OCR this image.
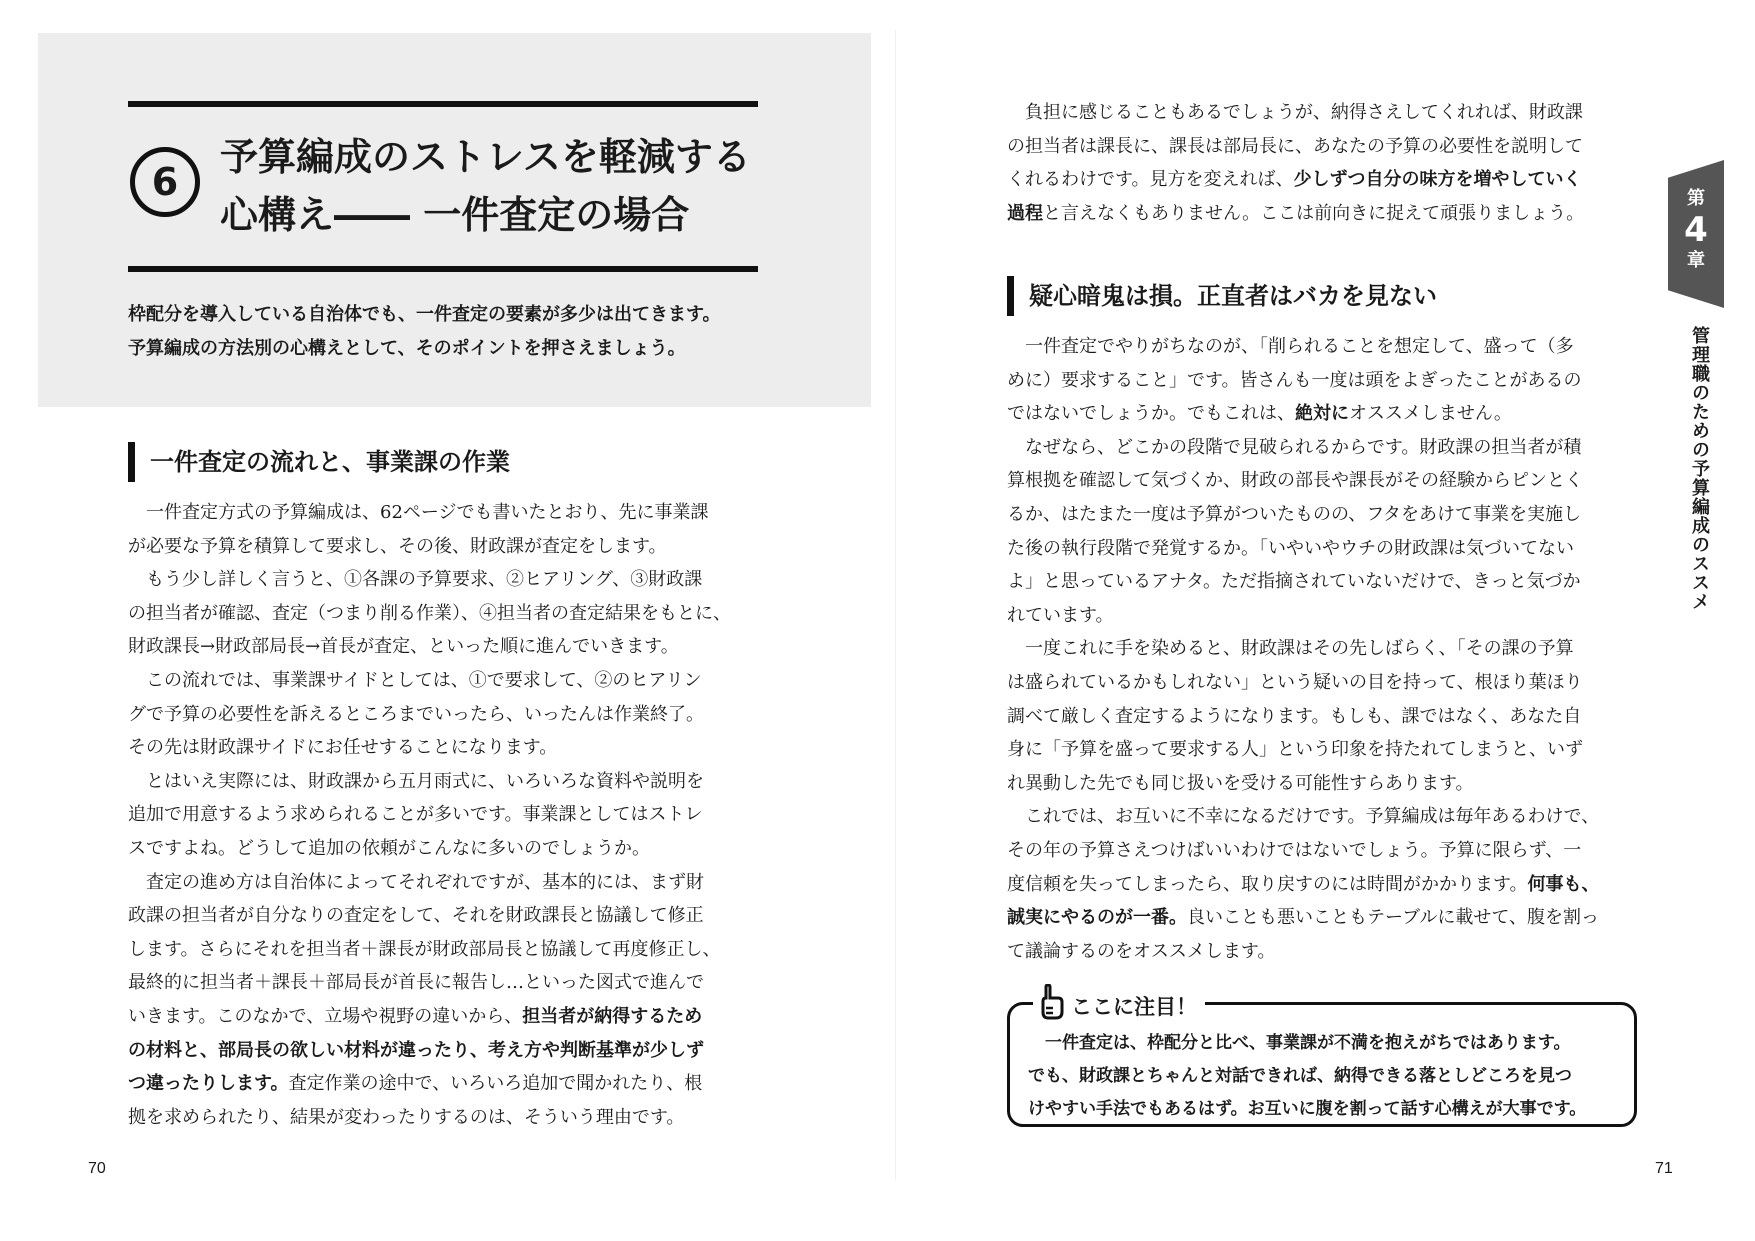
6
予算編成のストレスを軽減する
心構え―― 一件査定の場合
枠配分を導入している自治体でも、一件査定の要素が多少は出てきます。
予算編成の方法別の心構えとして、そのポイントを押さえましょう。
一件査定の流れと、事業課の作業
　一件査定方式の予算編成は、62ページでも書いたとおり、先に事業課
が必要な予算を積算して要求し、その後、財政課が査定をします。
　もう少し詳しく言うと、①各課の予算要求、②ヒアリング、③財政課
の担当者が確認、査定（つまり削る作業）、④担当者の査定結果をもとに、
財政課長→財政部局長→首長が査定、といった順に進んでいきます。
　この流れでは、事業課サイドとしては、①で要求して、②のヒアリン
グで予算の必要性を訴えるところまでいったら、いったんは作業終了。
その先は財政課サイドにお任せすることになります。
　とはいえ実際には、財政課から五月雨式に、いろいろな資料や説明を
追加で用意するよう求められることが多いです。事業課としてはストレ
スですよね。どうして追加の依頼がこんなに多いのでしょうか。
　査定の進め方は自治体によってそれぞれですが、基本的には、まず財
政課の担当者が自分なりの査定をして、それを財政課長と協議して修正
します。さらにそれを担当者＋課長が財政部局長と協議して再度修正し、
最終的に担当者＋課長＋部局長が首長に報告し…といった図式で進んで
いきます。このなかで、立場や視野の違いから、担当者が納得するため
の材料と、部局長の欲しい材料が違ったり、考え方や判断基準が少しず
つ違ったりします。査定作業の途中で、いろいろ追加で聞かれたり、根
拠を求められたり、結果が変わったりするのは、そういう理由です。
70
　負担に感じることもあるでしょうが、納得さえしてくれれば、財政課
の担当者は課長に、課長は部局長に、あなたの予算の必要性を説明して
くれるわけです。見方を変えれば、少しずつ自分の味方を増やしていく
過程と言えなくもありません。ここは前向きに捉えて頑張りましょう。
疑心暗鬼は損。正直者はバカを見ない
　一件査定でやりがちなのが、「削られることを想定して、盛って（多
めに）要求すること」です。皆さんも一度は頭をよぎったことがあるの
ではないでしょうか。でもこれは、絶対にオススメしません。
　なぜなら、どこかの段階で見破られるからです。財政課の担当者が積
算根拠を確認して気づくか、財政の部長や課長がその経験からピンとく
るか、はたまた一度は予算がついたものの、フタをあけて事業を実施し
た後の執行段階で発覚するか。「いやいやウチの財政課は気づいてない
よ」と思っているアナタ。ただ指摘されていないだけで、きっと気づか
れています。
　一度これに手を染めると、財政課はその先しばらく、「その課の予算
は盛られているかもしれない」という疑いの目を持って、根ほり葉ほり
調べて厳しく査定するようになります。もしも、課ではなく、あなた自
身に「予算を盛って要求する人」という印象を持たれてしまうと、いず
れ異動した先でも同じ扱いを受ける可能性すらあります。
　これでは、お互いに不幸になるだけです。予算編成は毎年あるわけで、
その年の予算さえつけばいいわけではないでしょう。予算に限らず、一
度信頼を失ってしまったら、取り戻すのには時間がかかります。何事も、
誠実にやるのが一番。良いことも悪いこともテーブルに載せて、腹を割っ
て議論するのをオススメします。
ここに注目！
　一件査定は、枠配分と比べ、事業課が不満を抱えがちではあります。
でも、財政課とちゃんと対話できれば、納得できる落としどころを見つ
けやすい手法でもあるはず。お互いに腹を割って話す心構えが大事です。
第
4
章
管理職のための予算編成のススメ
71
